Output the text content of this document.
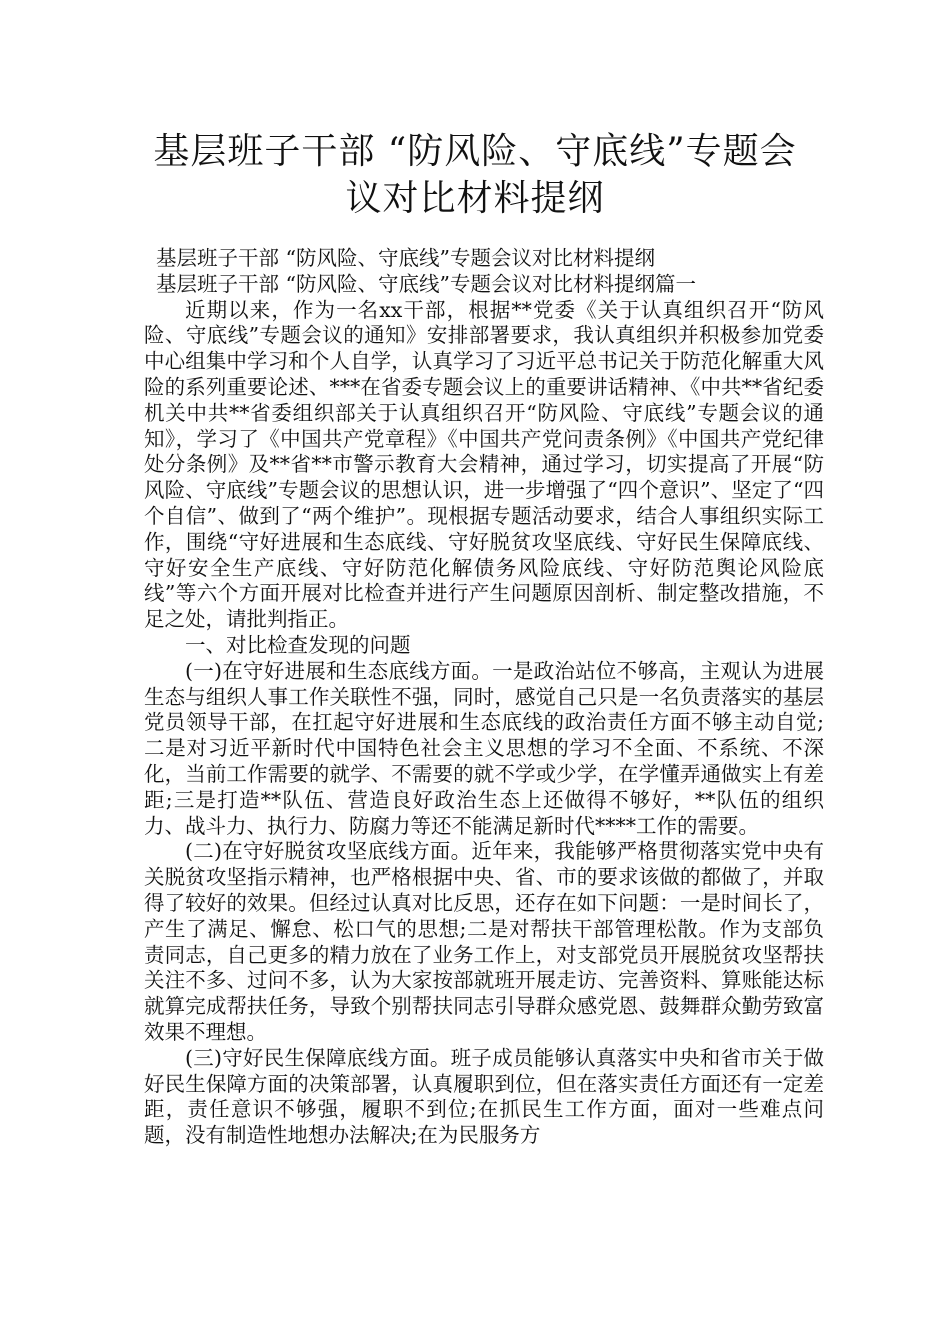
基层班子干部 “防风险、守底线”专题会
议对比材料提纲

基层班子干部 “防风险、守底线”专题会议对比材料提纲

基层班子干部 “防风险、守底线”专题会议对比材料提纲篇一

近期以来，作为一名xx干部，根据**党委《关于认真组织召开“防风险、守底线”专题会议的通知》安排部署要求，我认真组织并积极参加党委中心组集中学习和个人自学，认真学习了习近平总书记关于防范化解重大风险的系列重要论述、***在省委专题会议上的重要讲话精神、《中共**省纪委机关中共**省委组织部关于认真组织召开“防风险、守底线”专题会议的通知》，学习了《中国共产党章程》《中国共产党问责条例》《中国共产党纪律处分条例》及**省**市警示教育大会精神，通过学习，切实提高了开展“防风险、守底线”专题会议的思想认识，进一步增强了“四个意识”、坚定了“四个自信”、做到了“两个维护”。现根据专题活动要求，结合人事组织实际工作，围绕“守好进展和生态底线、守好脱贫攻坚底线、守好民生保障底线、守好安全生产底线、守好防范化解债务风险底线、守好防范舆论风险底线”等六个方面开展对比检查并进行产生问题原因剖析、制定整改措施，不足之处，请批判指正。

一、对比检查发现的问题

(一)在守好进展和生态底线方面。一是政治站位不够高，主观认为进展生态与组织人事工作关联性不强，同时，感觉自己只是一名负责落实的基层党员领导干部，在扛起守好进展和生态底线的政治责任方面不够主动自觉;二是对习近平新时代中国特色社会主义思想的学习不全面、不系统、不深化，当前工作需要的就学、不需要的就不学或少学，在学懂弄通做实上有差距;三是打造**队伍、营造良好政治生态上还做得不够好，**队伍的组织力、战斗力、执行力、防腐力等还不能满足新时代****工作的需要。

(二)在守好脱贫攻坚底线方面。近年来，我能够严格贯彻落实党中央有关脱贫攻坚指示精神，也严格根据中央、省、市的要求该做的都做了，并取得了较好的效果。但经过认真对比反思，还存在如下问题：一是时间长了，产生了满足、懈怠、松口气的思想;二是对帮扶干部管理松散。作为支部负责同志，自己更多的精力放在了业务工作上，对支部党员开展脱贫攻坚帮扶关注不多、过问不多，认为大家按部就班开展走访、完善资料、算账能达标就算完成帮扶任务，导致个别帮扶同志引导群众感党恩、鼓舞群众勤劳致富效果不理想。

(三)守好民生保障底线方面。班子成员能够认真落实中央和省市关于做好民生保障方面的决策部署，认真履职到位，但在落实责任方面还有一定差距，责任意识不够强，履职不到位;在抓民生工作方面，面对一些难点问题，没有制造性地想办法解决;在为民服务方
